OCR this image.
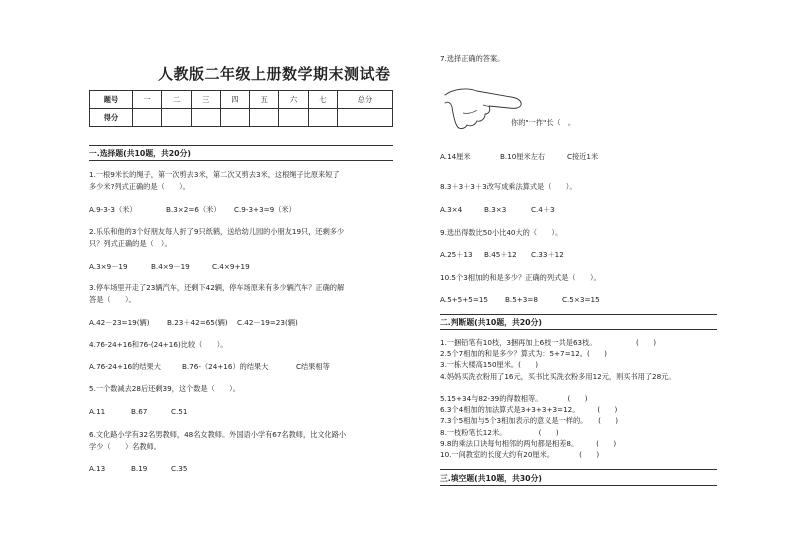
人教版二年级上册数学期末测试卷
题号	一	二	三	四	五	六	七	总分
得分								
一.选择题(共10题，共20分)
1.一根9米长的绳子，第一次剪去3米，第二次又剪去3米，这根绳子比原来短了
多少米?列式正确的是（　　）。
A.9-3-3（米）	B.3×2=6（米） C.9-3+3=9（米）
2.乐乐和他的3个好朋友每人折了9只纸鹤，送给幼儿园的小朋友19只，还剩多少
只？列式正确的是（　）。
A.3×9－19	B.4×9－19	C.4×9+19
3.停车场里开走了23辆汽车，还剩下42辆，停车场原来有多少辆汽车？正确的解
答是（　　）。
A.42－23=19(辆) B.23＋42=65(辆) C.42－19=23(辆)
4.76-24+16和76-(24+16)比较（　　）。
A.76-24+16的结果大	B.76-（24+16）的结果大	C结果相等
5.一个数减去28后还剩39，这个数是（　　）。
A.11	B.67	C.51
6.文化路小学有32名男教师，48名女教师。外国语小学有67名教师，比文化路小
学少（　　）名教师。
A.13	B.19	C.35
7.选择正确的答案。
你的"一拃"长（　。
A.14厘米	B.10厘米左右	C接近1米
8.3＋3＋3＋3改写成乘法算式是（　　）。
A.3×4	B.3×3	C.4＋3
9.选出得数比50小比40大的（　　）。
A.25＋13 B.45＋12 C.33＋12
10.5个3相加的和是多少？正确的列式是（　　）。
A.5+5+5=15 B.5+3=8	C.5×3=15
二.判断题(共10题，共20分)
1.一捆铅笔有10枝，3捆再加上6枝一共是63枝。　　　　　　(　　)
2.5个7相加的和是多少？算式为：5+7=12。(　　)
3.一栋大楼高150厘米。(　　)
4.妈妈买洗衣粉用了16元，买书比买洗衣粉多用12元，则买书用了28元。
5.15+34与82-39的得数相等。　　　　(　　)
6.3个4相加的加法算式是3+3+3+3=12。　　　(　　)
7.3个5相加与5个3相加表示的意义是一样的。　　(　　)
8.一枝粉笔长12米。　　　　　(　　)
9.8的乘法口诀每句相邻的两句都是相差8。　　　(　　)
10.一间教室的长度大约有20厘米。　　　　(　　)
三.填空题(共10题，共30分)
